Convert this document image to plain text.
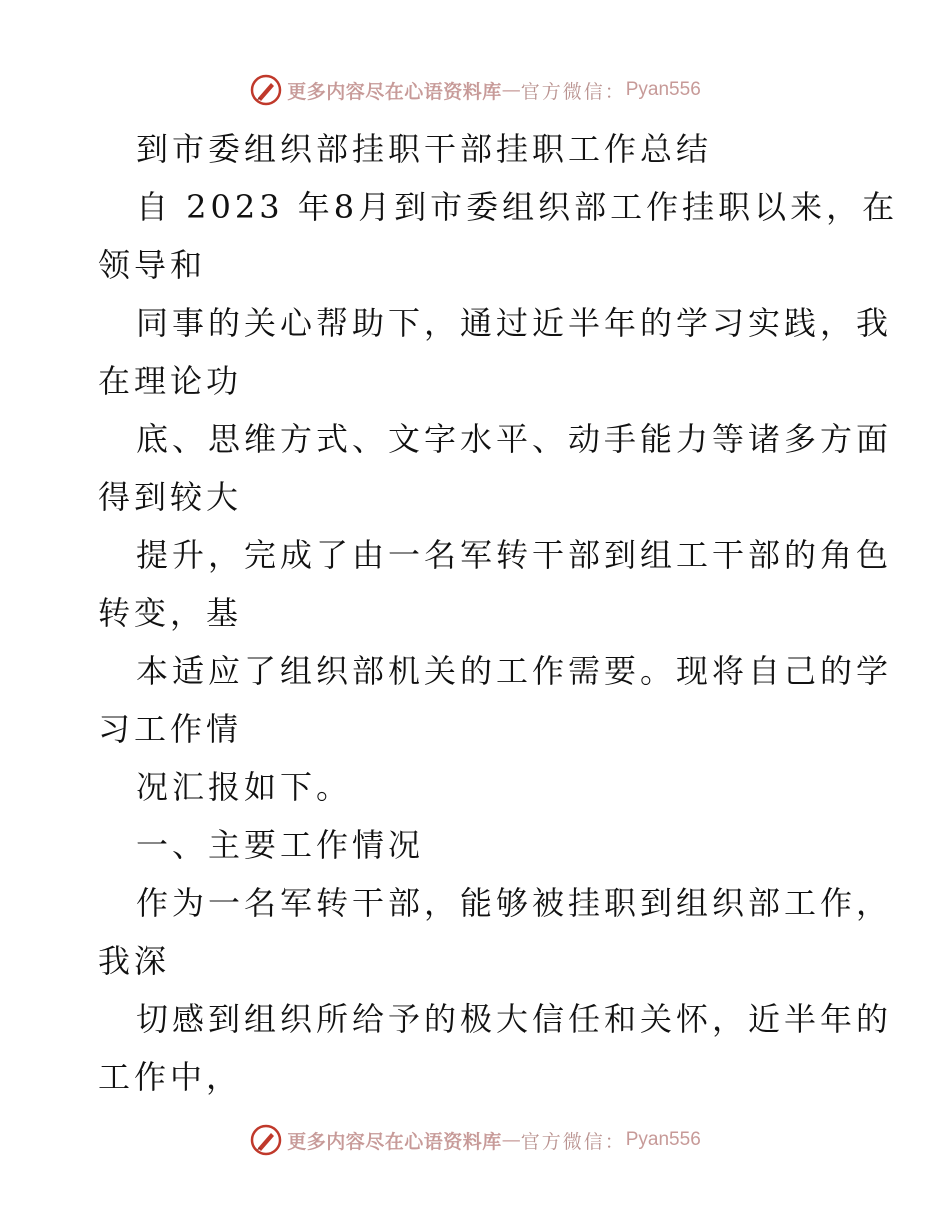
更多内容尽在心语资料库 — 官方微信： Pyan556
到市委组织部挂职干部挂职工作总结
自 2023 年8月到市委组织部工作挂职以来，在
领导和
同事的关心帮助下，通过近半年的学习实践，我
在理论功
底、思维方式、文字水平、动手能力等诸多方面
得到较大
提升，完成了由一名军转干部到组工干部的角色
转变，基
本适应了组织部机关的工作需要。现将自己的学
习工作情
况汇报如下。
一、主要工作情况
作为一名军转干部，能够被挂职到组织部工作，
我深
切感到组织所给予的极大信任和关怀，近半年的
工作中，
更多内容尽在心语资料库 — 官方微信： Pyan556
